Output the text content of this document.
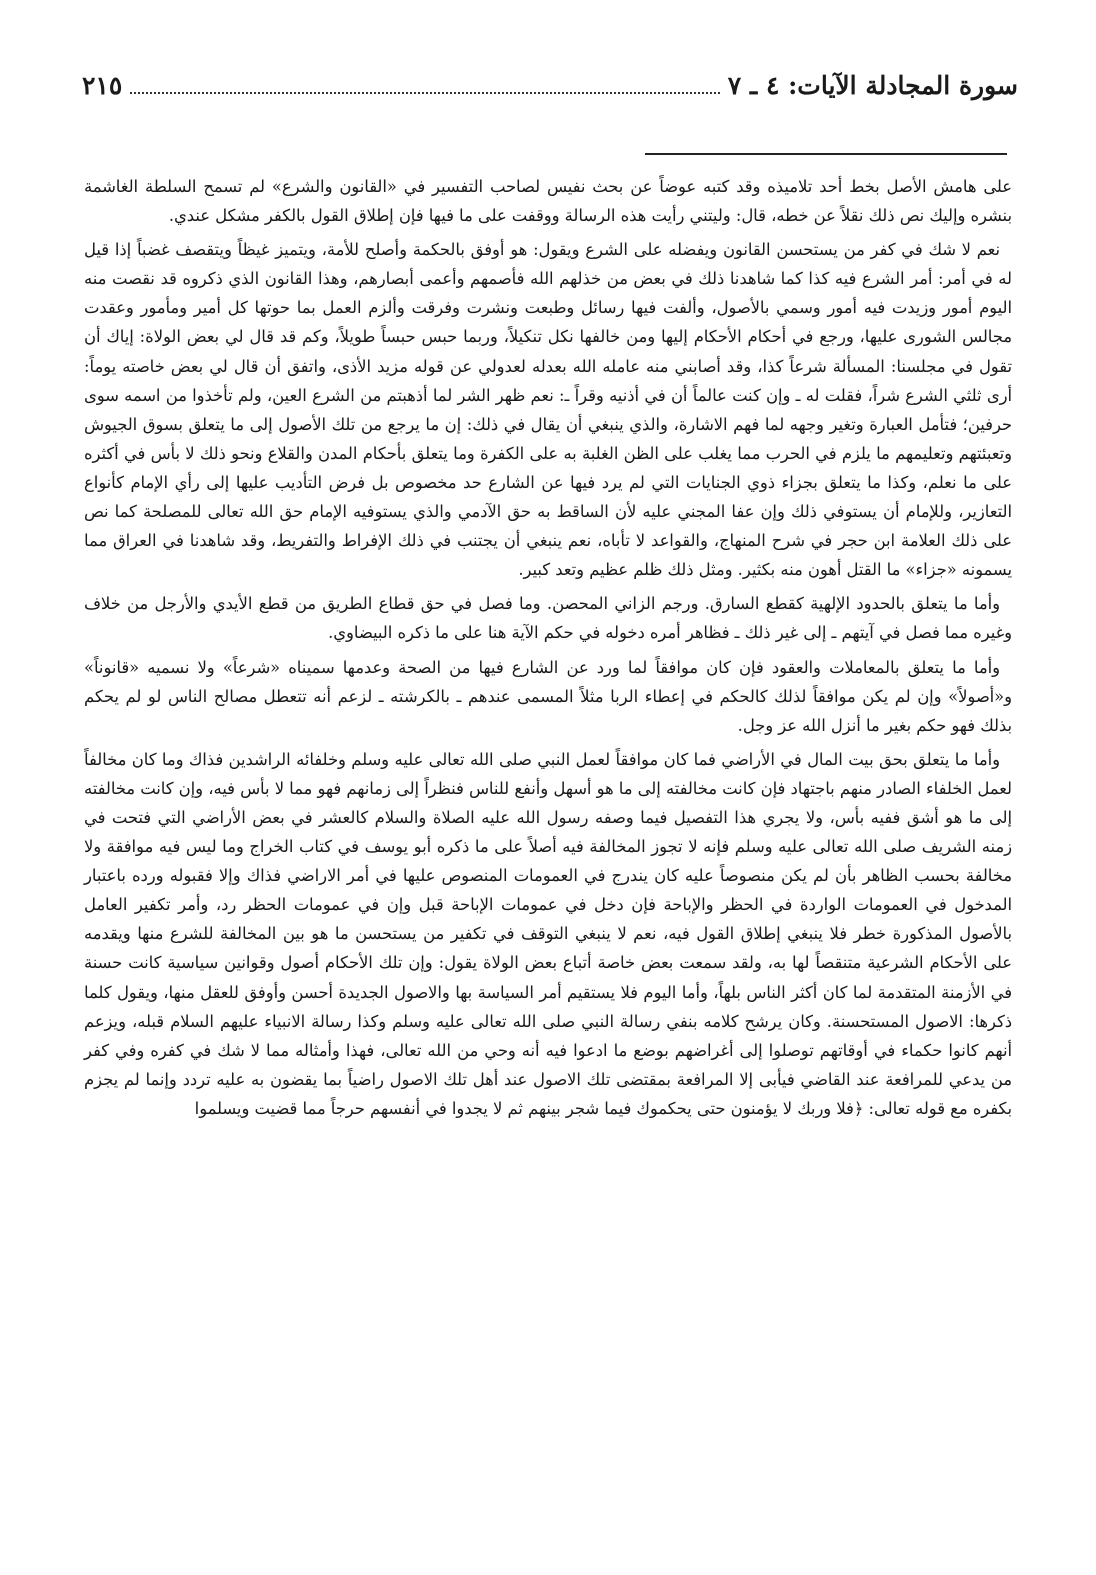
سورة المجادلة الآيات: ٤ ـ ٧
٢١٥

على هامش الأصل بخط أحد تلاميذه وقد كتبه عوضاً عن بحث نفيس لصاحب التفسير في «القانون والشرع» لم تسمح السلطة الغاشمة بنشره وإليك نص ذلك نقلاً عن خطه، قال: وليتني رأيت هذه الرسالة ووقفت على ما فيها فإن إطلاق القول بالكفر مشكل عندي.

نعم لا شك في كفر من يستحسن القانون ويفضله على الشرع ويقول: هو أوفق بالحكمة وأصلح للأمة، ويتميز غيظاً ويتقصف غضباً إذا قيل له في أمر: أمر الشرع فيه كذا كما شاهدنا ذلك في بعض من خذلهم الله فأصمهم وأعمى أبصارهم، وهذا القانون الذي ذكروه قد نقصت منه اليوم أمور وزيدت فيه أمور وسمي بالأصول، وألفت فيها رسائل وطبعت ونشرت وفرقت وألزم العمل بما حوتها كل أمير ومأمور وعقدت مجالس الشورى عليها، ورجع في أحكام الأحكام إليها ومن خالفها نكل تنكيلاً، وربما حبس حبساً طويلاً، وكم قد قال لي بعض الولاة: إياك أن تقول في مجلسنا: المسألة شرعاً كذا، وقد أصابني منه عامله الله بعدله لعدولي عن قوله مزيد الأذى، واتفق أن قال لي بعض خاصته يوماً: أرى ثلثي الشرع شراً، فقلت له ـ وإن كنت عالماً أن في أذنيه وقراً ـ: نعم ظهر الشر لما أذهبتم من الشرع العين، ولم تأخذوا من اسمه سوى حرفين؛ فتأمل العبارة وتغير وجهه لما فهم الاشارة، والذي ينبغي أن يقال في ذلك: إن ما يرجع من تلك الأصول إلى ما يتعلق بسوق الجيوش وتعبئتهم وتعليمهم ما يلزم في الحرب مما يغلب على الظن الغلبة به على الكفرة وما يتعلق بأحكام المدن والقلاع ونحو ذلك لا بأس في أكثره على ما نعلم، وكذا ما يتعلق بجزاء ذوي الجنايات التي لم يرد فيها عن الشارع حد مخصوص بل فرض التأديب عليها إلى رأي الإمام كأنواع التعازير، وللإمام أن يستوفي ذلك وإن عفا المجني عليه لأن الساقط به حق الآدمي والذي يستوفيه الإمام حق الله تعالى للمصلحة كما نص على ذلك العلامة ابن حجر في شرح المنهاج، والقواعد لا تأباه، نعم ينبغي أن يجتنب في ذلك الإفراط والتفريط، وقد شاهدنا في العراق مما يسمونه «جزاء» ما القتل أهون منه بكثير. ومثل ذلك ظلم عظيم وتعد كبير.

وأما ما يتعلق بالحدود الإلهية كقطع السارق. ورجم الزاني المحصن. وما فصل في حق قطاع الطريق من قطع الأيدي والأرجل من خلاف وغيره مما فصل في آيتهم ـ إلى غير ذلك ـ فظاهر أمره دخوله في حكم الآية هنا على ما ذكره البيضاوي.

وأما ما يتعلق بالمعاملات والعقود فإن كان موافقاً لما ورد عن الشارع فيها من الصحة وعدمها سميناه «شرعاً» ولا نسميه «قانوناً» و«أصولاً» وإن لم يكن موافقاً لذلك كالحكم في إعطاء الربا مثلاً المسمى عندهم ـ بالكرشته ـ لزعم أنه تتعطل مصالح الناس لو لم يحكم بذلك فهو حكم بغير ما أنزل الله عز وجل.

وأما ما يتعلق بحق بيت المال في الأراضي فما كان موافقاً لعمل النبي صلى الله تعالى عليه وسلم وخلفائه الراشدين فذاك وما كان مخالفاً لعمل الخلفاء الصادر منهم باجتهاد فإن كانت مخالفته إلى ما هو أسهل وأنفع للناس فنظراً إلى زمانهم فهو مما لا بأس فيه، وإن كانت مخالفته إلى ما هو أشق ففيه بأس، ولا يجري هذا التفصيل فيما وصفه رسول الله عليه الصلاة والسلام كالعشر في بعض الأراضي التي فتحت في زمنه الشريف صلى الله تعالى عليه وسلم فإنه لا تجوز المخالفة فيه أصلاً على ما ذكره أبو يوسف في كتاب الخراج وما ليس فيه موافقة ولا مخالفة بحسب الظاهر بأن لم يكن منصوصاً عليه كان يندرج في العمومات المنصوص عليها في أمر الاراضي فذاك وإلا فقبوله ورده باعتبار المدخول في العمومات الواردة في الحظر والإباحة فإن دخل في عمومات الإباحة قبل وإن في عمومات الحظر رد، وأمر تكفير العامل بالأصول المذكورة خطر فلا ينبغي إطلاق القول فيه، نعم لا ينبغي التوقف في تكفير من يستحسن ما هو بين المخالفة للشرع منها ويقدمه على الأحكام الشرعية متنقصاً لها به، ولقد سمعت بعض خاصة أتباع بعض الولاة يقول: وإن تلك الأحكام أصول وقوانين سياسية كانت حسنة في الأزمنة المتقدمة لما كان أكثر الناس بلهاً، وأما اليوم فلا يستقيم أمر السياسة بها والاصول الجديدة أحسن وأوفق للعقل منها، ويقول كلما ذكرها: الاصول المستحسنة. وكان يرشح كلامه بنفي رسالة النبي صلى الله تعالى عليه وسلم وكذا رسالة الانبياء عليهم السلام قبله، ويزعم أنهم كانوا حكماء في أوقاتهم توصلوا إلى أغراضهم بوضع ما ادعوا فيه أنه وحي من الله تعالى، فهذا وأمثاله مما لا شك في كفره وفي كفر من يدعي للمرافعة عند القاضي فيأبى إلا المرافعة بمقتضى تلك الاصول عند أهل تلك الاصول راضياً بما يقضون به عليه تردد وإنما لم يجزم بكفره مع قوله تعالى: ﴿فلا وربك لا يؤمنون حتى يحكموك فيما شجر بينهم ثم لا يجدوا في أنفسهم حرجاً مما قضيت ويسلموا
